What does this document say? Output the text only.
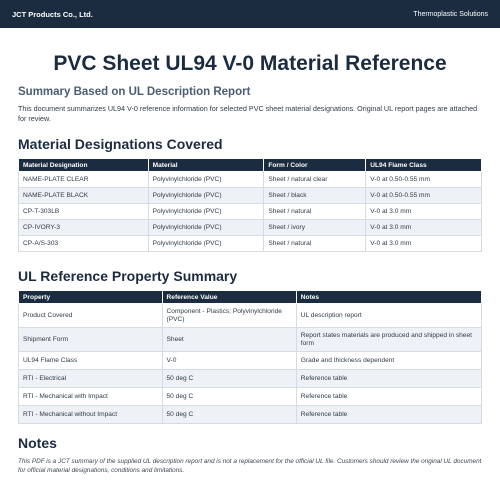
JCT Products Co., Ltd.	Thermoplastic Solutions
PVC Sheet UL94 V-0 Material Reference
Summary Based on UL Description Report

This document summarizes UL94 V-0 reference information for selected PVC sheet material designations. Original UL report pages are attached for review.

Material Designations Covered
Material Designation	Material	Form / Color	UL94 Flame Class
NAME-PLATE CLEAR	Polyvinylchloride (PVC)	Sheet / natural clear	V-0 at 0.50-0.55 mm
NAME-PLATE BLACK	Polyvinylchloride (PVC)	Sheet / black	V-0 at 0.50-0.55 mm
CP-T-303LB	Polyvinylchloride (PVC)	Sheet / natural	V-0 at 3.0 mm
CP-IVORY-3	Polyvinylchloride (PVC)	Sheet / ivory	V-0 at 3.0 mm
CP-A/S-303	Polyvinylchloride (PVC)	Sheet / natural	V-0 at 3.0 mm
UL Reference Property Summary
Property	Reference Value	Notes
Product Covered	Component - Plastics; Polyvinylchloride (PVC)	UL description report
Shipment Form	Sheet	Report states materials are produced and shipped in sheet form
UL94 Flame Class	V-0	Grade and thickness dependent
RTI - Electrical	50 deg C	Reference table
RTI - Mechanical with Impact	50 deg C	Reference table
RTI - Mechanical without Impact	50 deg C	Reference table
Notes

This PDF is a JCT summary of the supplied UL description report and is not a replacement for the official UL file. Customers should review the original UL document for official material designations, conditions and limitations.
